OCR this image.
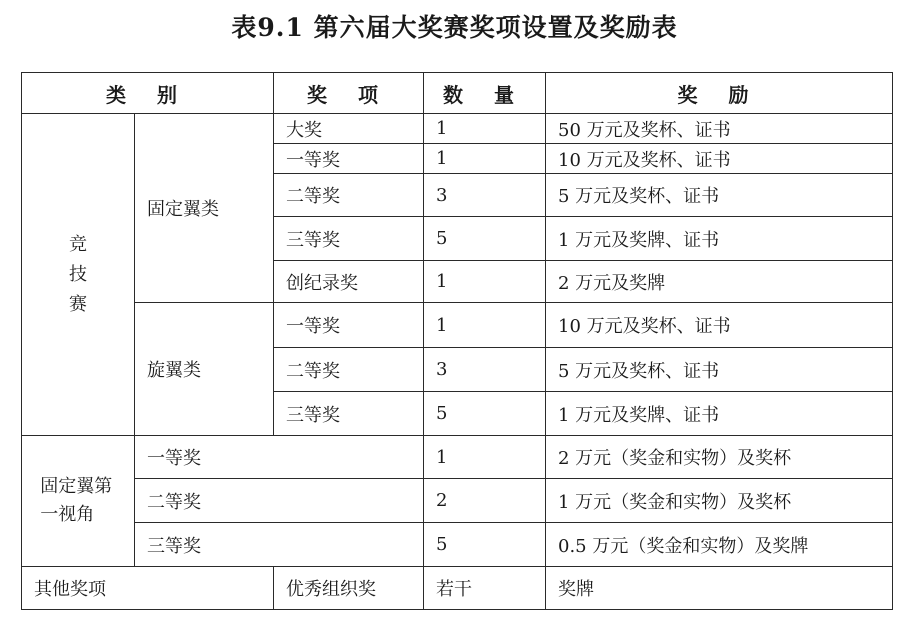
表9.1 第六届大奖赛奖项设置及奖励表
类 别		奖 项	数 量	奖 励

竞技赛	固定翼类	大奖	1	50 万元及奖杯、证书
		一等奖	1	10 万元及奖杯、证书
		二等奖	3	5 万元及奖杯、证书
		三等奖	5	1 万元及奖牌、证书
		创纪录奖	1	2 万元及奖牌
	旋翼类	一等奖	1	10 万元及奖杯、证书
		二等奖	3	5 万元及奖杯、证书
		三等奖	5	1 万元及奖牌、证书

固定翼第一视角	一等奖		1	2 万元（奖金和实物）及奖杯
	二等奖		2	1 万元（奖金和实物）及奖杯
	三等奖		5	0.5 万元（奖金和实物）及奖牌
其他奖项		优秀组织奖	若干	奖牌
